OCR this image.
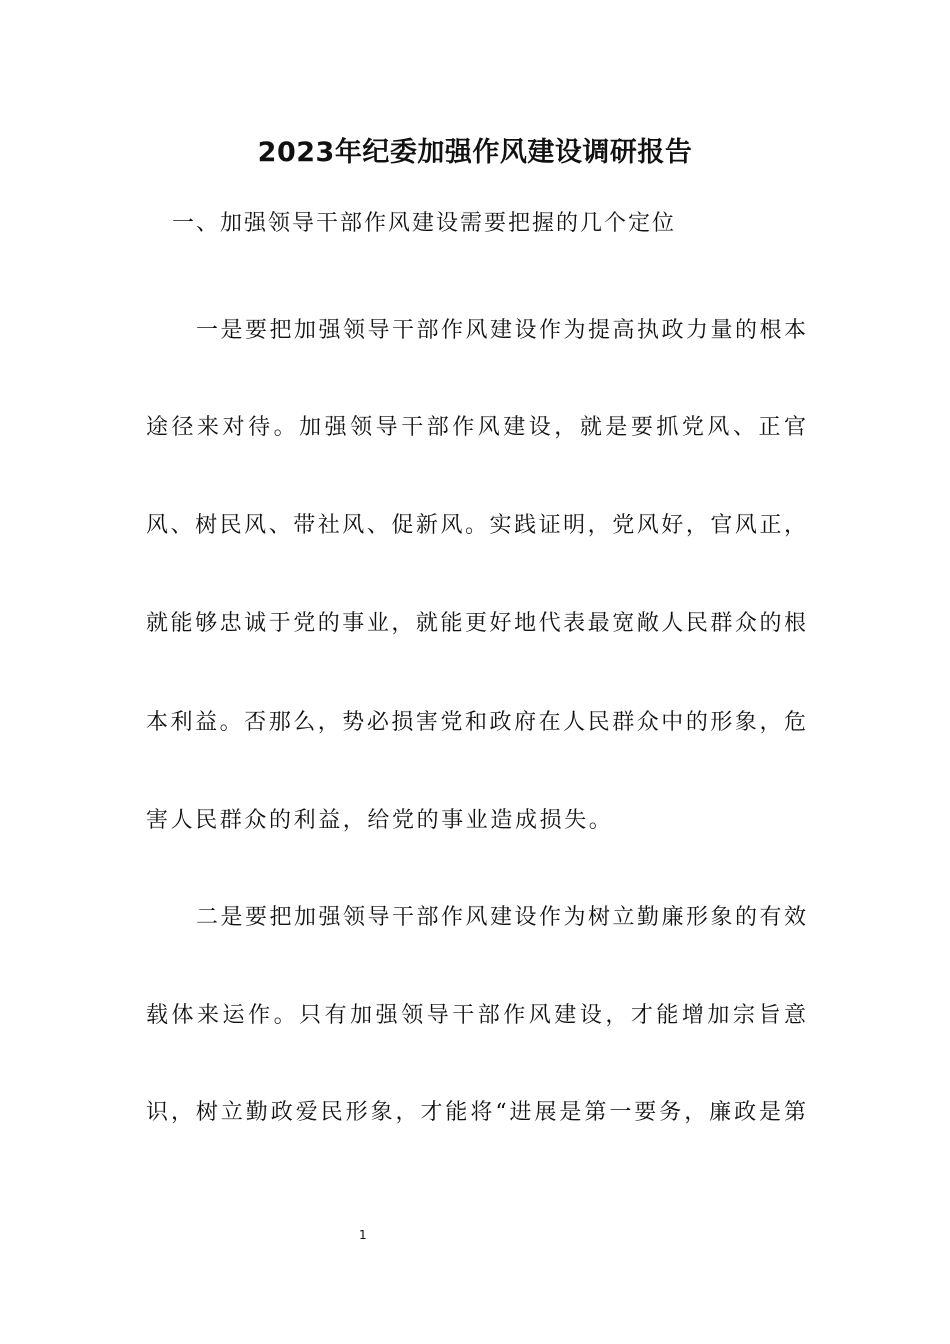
2023年纪委加强作风建设调研报告

一、加强领导干部作风建设需要把握的几个定位

一是要把加强领导干部作风建设作为提高执政力量的根本

途径来对待。加强领导干部作风建设，就是要抓党风、正官

风、树民风、带社风、促新风。实践证明，党风好，官风正，

就能够忠诚于党的事业，就能更好地代表最宽敞人民群众的根

本利益。否那么，势必损害党和政府在人民群众中的形象，危

害人民群众的利益，给党的事业造成损失。

二是要把加强领导干部作风建设作为树立勤廉形象的有效

载体来运作。只有加强领导干部作风建设，才能增加宗旨意

识，树立勤政爱民形象，才能将“进展是第一要务，廉政是第

1
